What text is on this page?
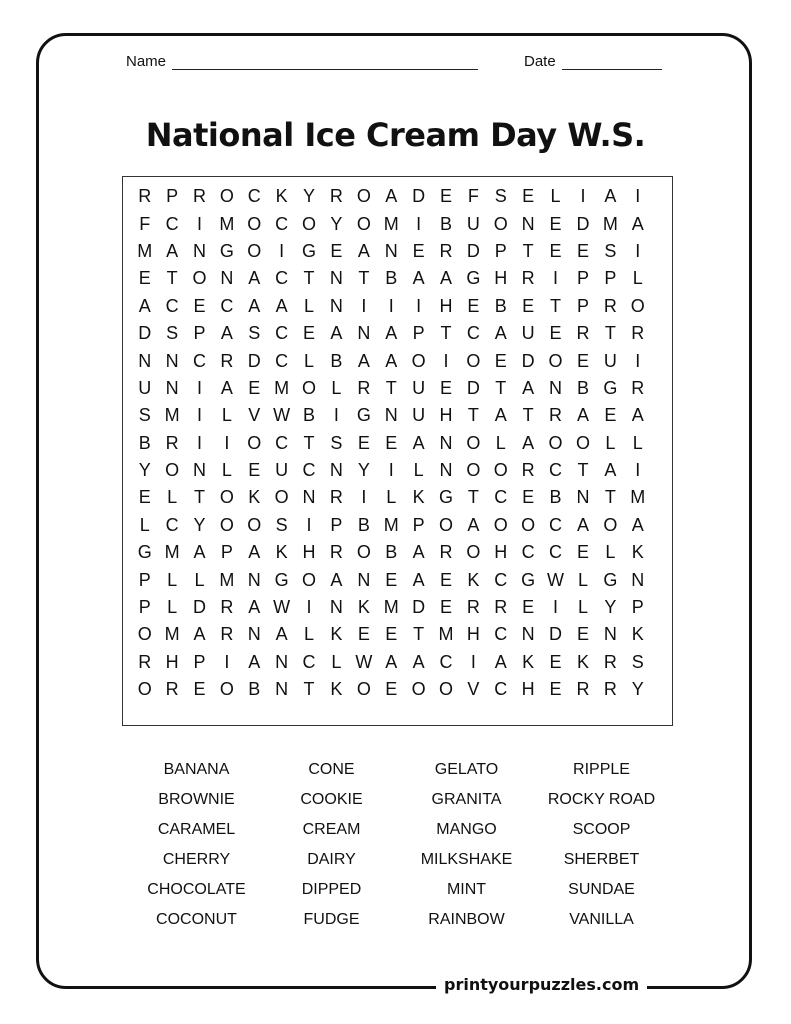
Name	Date
National Ice Cream Day W.S.
R P R O C K Y R O A D E F S E L	I	A	I
F C	I M O C O Y O M I	B U O N E D M A
M A N G O I G E A N E R D P T E E S	I
E T O N A C T N T B A A G H R	I	P P L
A C E C A A L N	I	I	I	H E B E T P R O
D S P A S C E A N A P T C A U E R T R
N N C R D C L B A A O I O E D O E U	I
U N	I	A E M O L R T U E D T A N B G R
S M I	L V W B	I G N U H T A T R A E A
B R	I	I O C T S E E A N O L A O O L L
Y O N L E U C N Y	I	L N O O R C T A	I
E L T O K O N R	I	L K G T C E B N T M
L C Y O O S	I	P B M P O A O O C A O A
G M A P A K H R O B A R O H C C E L K
P L L M N G O A N E A E K C G W L G N
P L D R A W I	N K M D E R R E	I	L Y P
O M A R N A L K E E T M H C N D E N K
R H P	I	A N C L W A A C	I	A K E K R S
O R E O B N T K O E O O V C H E R R Y
BANANA	CONE	GELATO	RIPPLE
BROWNIE	COOKIE	GRANITA	ROCKY ROAD
CARAMEL	CREAM	MANGO	SCOOP
CHERRY	DAIRY	MILKSHAKE	SHERBET
CHOCOLATE	DIPPED	MINT	SUNDAE
COCONUT	FUDGE	RAINBOW	VANILLA
printyourpuzzles.com
